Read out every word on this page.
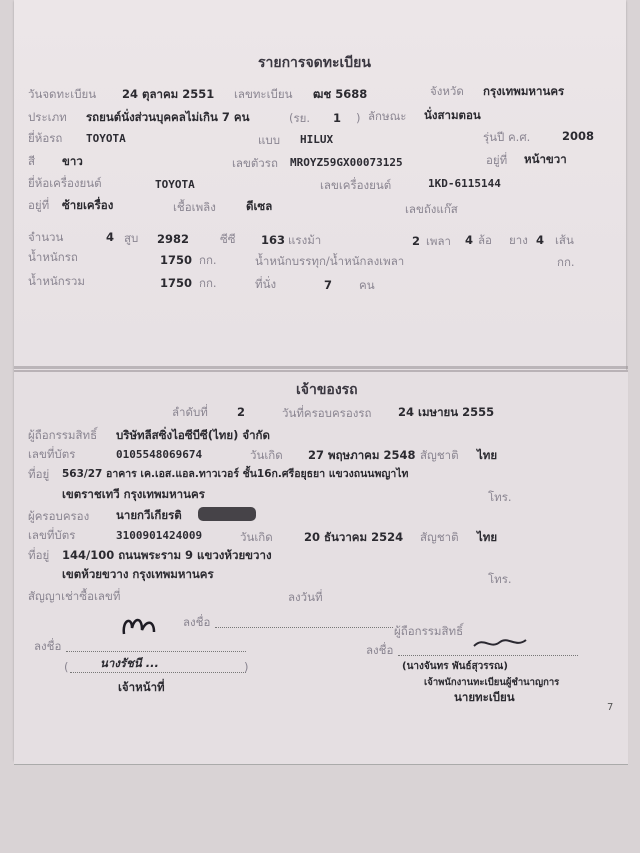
รายการจดทะเบียน
วันจดทะเบียน 24 ตุลาคม 2551 เลขทะเบียน ฒช 5688	จังหวัด กรุงเทพมหานคร
ประเภท รถยนต์นั่งส่วนบุคคลไม่เกิน 7 คน	(รย. 1 ) ลักษณะ นั่งสามตอน
ยี่ห้อรถ TOYOTA	แบบ HILUX	รุ่นปี ค.ศ.	2008
สี ขาว	เลขตัวรถ MROYZ59GX00073125	อยู่ที่ หน้าขวา
ยี่ห้อเครื่องยนต์	TOYOTA	เลขเครื่องยนต์	1KD-6115144
อยู่ที่ ซ้ายเครื่อง	เชื้อเพลิง	ดีเซล	เลขถังแก๊ส
จำนวน	4 สูบ 2982	ซีซี 163 แรงม้า	2 เพลา 4 ล้อ ยาง 4 เส้น
น้ำหนักรถ	1750 กก.	น้ำหนักบรรทุก/น้ำหนักลงเพลา	กก.
น้ำหนักรวม	1750 กก.	ที่นั่ง	7 คน
เจ้าของรถ
ลำดับที่	2	วันที่ครอบครองรถ 24 เมษายน 2555
ผู้ถือกรรมสิทธิ์ บริษัทลีสซิ่งไอซีบีซี(ไทย) จำกัด
เลขที่บัตร	0105548069674	วันเกิด 27 พฤษภาคม 2548 สัญชาติ ไทย
ที่อยู่ 563/27 อาคาร เค.เอส.แอล.ทาวเวอร์ ชั้น16ก.ศรีอยุธยา แขวงถนนพญาไท
เขตราชเทวี กรุงเทพมหานคร	โทร.
ผู้ครอบครอง นายกวีเกียรติ
เลขที่บัตร	3100901424009	วันเกิด	20 ธันวาคม 2524 สัญชาติ ไทย
ที่อยู่ 144/100 ถนนพระราม 9 แขวงห้วยขวาง
เขตห้วยขวาง กรุงเทพมหานคร	โทร.
สัญญาเช่าซื้อเลขที่	ลงวันที่
ลงชื่อ
ผู้ถือกรรมสิทธิ์
ลงชื่อ	ลงชื่อ
(	นางรัชนี ...	)	(นางจันทร พันธ์สุวรรณ)
เจ้าพนักงานทะเบียนผู้ชำนาญการ
เจ้าหน้าที่
นายทะเบียน
7
